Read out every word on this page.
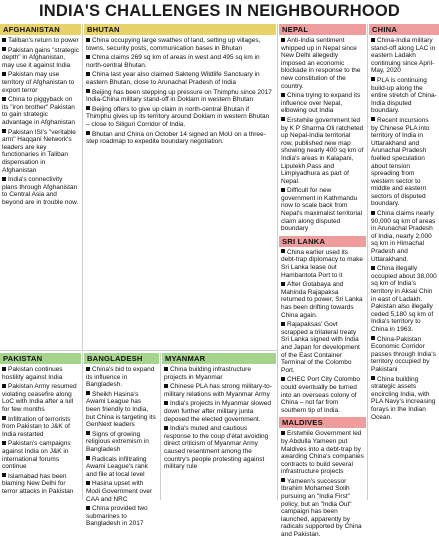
INDIA'S CHALLENGES IN NEIGHBOURHOOD
AFGHANISTAN
Taliban's return to power
Pakistan gains "strategic depth" in Afghanistan, may use it against India
Pakistan may use territory of Afghanistan to export terror
China to piggyback on its "iron brother" Pakistan to gain strategic advantage in Afghanistan
Pakistan ISI's "veritable arm" Haqqani Network's leaders are key functionaries in Taliban dispensation in Afghanistan
India's connectivity plans through Afghanistan to Central Asia and beyond are in trouble now.
BHUTAN
China occupying large swathes of land, setting up villages, towns, security posts, communication bases in Bhutan
China claims 269 sq km of areas in west and 495 sq km in north-central Bhutan.
China last year also claimed Sakteng Wildlife Sanctuary in eastern Bhutan, close to Arunachal Pradesh of India
Beijing has been stepping up pressure on Thimphu since 2017 India-China military stand-off in Doklam in western Bhutan
Beijing offers to give up claim in north-central Bhutan if Thimphu gives up its territory around Doklam in western Bhutan – close to Siliguri Corridor of India.
Bhutan and China on October 14 signed an MoU on a three-step roadmap to expedite boundary negotiation.
NEPAL
Anti-India sentiment whipped up in Nepal since New Delhi allegedly imposed an economic blockade in response to the new constitution of the country.
China trying to expand its influence over Nepal, elbowing out India
Erstwhile government led by K P Sharma Oli ratcheted up Nepal-India territorial row, published new map showing nearly 400 sq km of India's areas in Kalapani, Lipulekh Pass and Limpiyadhura as part of Nepal.
Difficult for new government in Kathmandu now to scale back from Nepal's maximalist territorial claim along disputed boundary
SRI LANKA
China earlier used its debt-trap diplomacy to make Sri Lanka lease out Hambantota Port to it
After Gotabaya and Mahinda Rajapaksa returned to power, Sri Lanka has been drifting towards China again.
Rajapaksas' Govt scrapped a trilateral treaty Sri Lanka signed with India and Japan for development of the East Container Terminal of the Colombo Port.
CHEC Port City Colombo could eventually be turned into an overseas colony of China – not far from southern tip of India.
MALDIVES
Erstwhile Government led by Abdulla Yameen put Maldives into a debt-trap by awarding China's companies contracts to build several infrastructure projects
Yameen's successor Ibrahim Mohamed Solih pursuing an "India First" policy, but an "India Out" campaign has been launched, apparently by radicals supported by China and Pakistan.
CHINA
China-India military stand-off along LAC in eastern Ladakh continuing since April-May, 2020
PLA is continuing build-up along the entire stretch of China-India disputed boundary.
Recent incursions by Chinese PLA into territory of India in Uttarakhand and Arunachal Pradesh fuelled speculation about tension spreading from western sector to middle and eastern sectors of disputed boundary.
China claims nearly 90,000 sq km of areas in Arunachal Pradesh of India, nearly 2,000 sq km in Himachal Pradesh and Uttarakhand.
China illegally occupied about 38,000 sq km of India's territory in Aksai Chin in east of Ladakh. Pakistan also illegally ceded 5,180 sq km of India's territory to China in 1963.
China-Pakistan Economic Corridor passes through India's territory occupied by Pakistani
China building strategic assets encircling India, with PLA Navy's increasing forays in the Indian Ocean.
PAKISTAN
Pakistan continues hostility against India
Pakistan Army resumed violating ceasefire along LoC with India after a lull for few months
Infiltration of terrorists from Pakistan to J&K of India restarted
Pakistan's campaigns against India on J&K in international forums continue
Islamabad has been blaming New Delhi for terror attacks in Pakistan
BANGLADESH
China's bid to expand its influence in Bangladesh.
Sheikh Hasina's Awami League has been friendly to India, but China is targeting its GenNext leaders
Signs of growing religious extremism in Bangladesh
Radicals infiltrating Awami League's rank and file at local level
Hasina upset with Modi Government over CAA and NRC
China provided two submarines to Bangladesh in 2017
MYANMAR
China building infrastructure projects in Myanmar
Chinese PLA has strong military-to-military relations with Myanmar Army
India's projects in Myanmar slowed down further after military junta deposed the elected government.
India's muted and cautious response to the coup d'état avoiding direct criticism of Myanmar Army caused resentment among the country's people protesting against military rule
